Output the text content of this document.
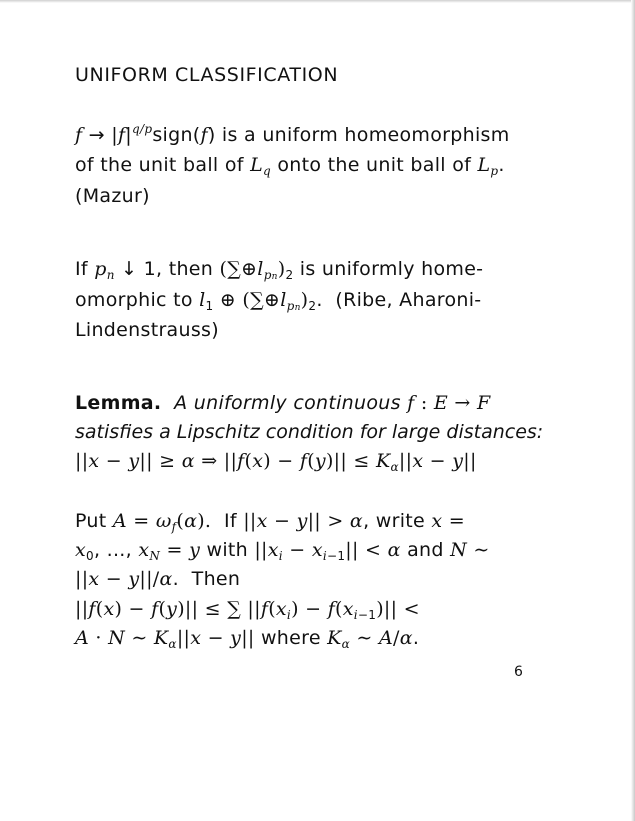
UNIFORM CLASSIFICATION
$f \to |f|^{q/p}sign(f)$ is a uniform homeomorphism
of the unit ball of $L_q$ onto the unit ball of $L_p$.
(Mazur)
If $p_n$ ↓ 1, then $(\sum\oplus l_{pn})_2$ is uniformly home-
omorphic to $l_1$ ⊕ $(\sum\oplus l_{pn})_2$.  (Ribe, Aharoni-
Lindenstrauss)
Lemma. A uniformly continuous f : E → F
satisfies a Lipschitz condition for large distances:
||x − y|| ≥ α ⇒ $||f(x) - f(y)|| \le K_\alpha||x - y||$
Put $A = \omega_f(\alpha)$. If ||x − y|| > α, write x =
$x_0$, ..., $x_N = y$ with $||x_i - x_{i-1}|| < \alpha$ and N ∼
||x − y||/α.  Then
||f(x) − f(y)|| ≤ ∑ $||f(x_i) - f(x_{i-1})||$ <
A · N ∼ $K_\alpha||x - y||$ where $K_\alpha$ ∼ A/α.
6
